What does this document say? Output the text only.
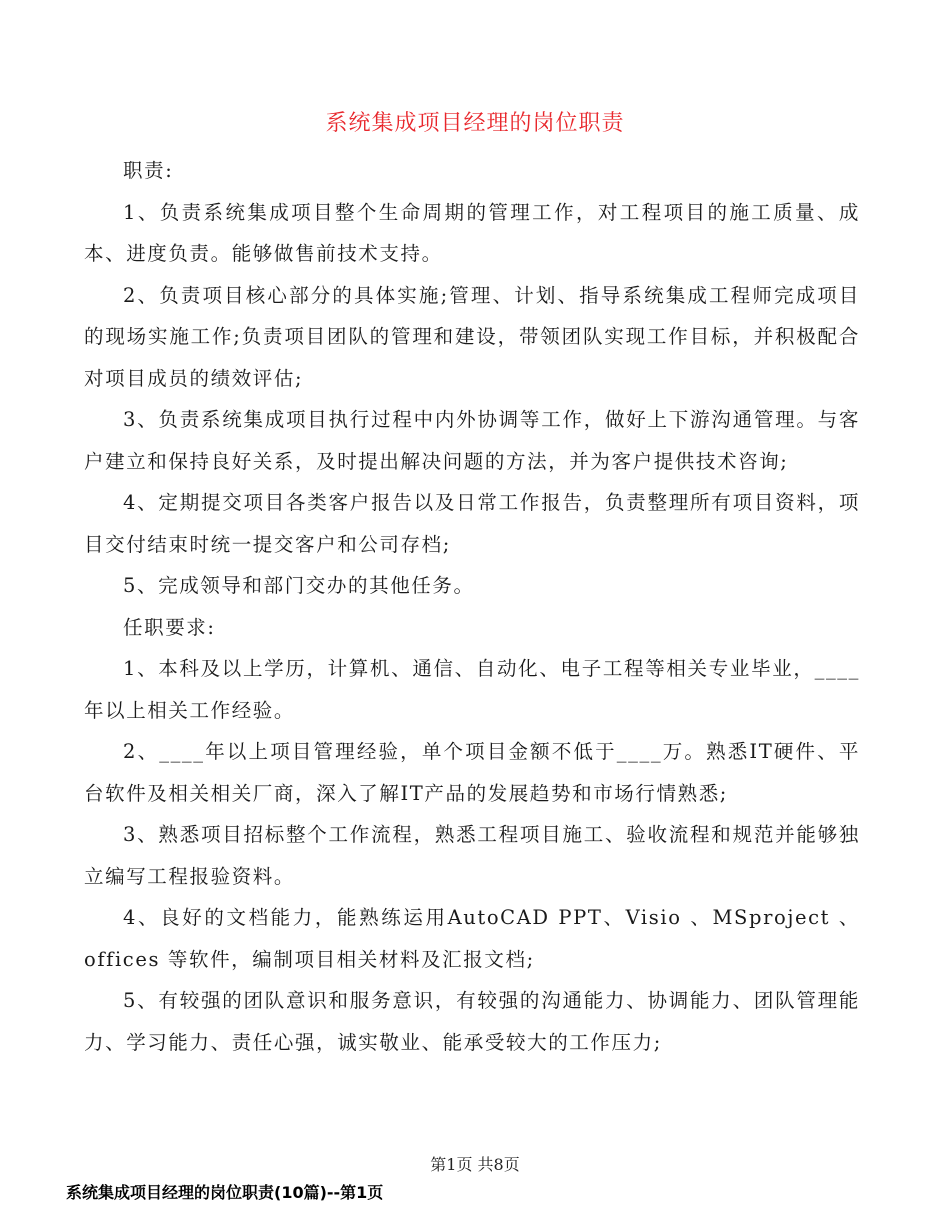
系统集成项目经理的岗位职责

职责:

1、负责系统集成项目整个生命周期的管理工作，对工程项目的施工质量、成本、进度负责。能够做售前技术支持。

2、负责项目核心部分的具体实施;管理、计划、指导系统集成工程师完成项目的现场实施工作;负责项目团队的管理和建设，带领团队实现工作目标，并积极配合对项目成员的绩效评估;

3、负责系统集成项目执行过程中内外协调等工作，做好上下游沟通管理。与客户建立和保持良好关系，及时提出解决问题的方法，并为客户提供技术咨询;

4、定期提交项目各类客户报告以及日常工作报告，负责整理所有项目资料，项目交付结束时统一提交客户和公司存档;

5、完成领导和部门交办的其他任务。

任职要求:

1、本科及以上学历，计算机、通信、自动化、电子工程等相关专业毕业，____年以上相关工作经验。

2、____年以上项目管理经验，单个项目金额不低于____万。熟悉IT硬件、平台软件及相关相关厂商，深入了解IT产品的发展趋势和市场行情熟悉;

3、熟悉项目招标整个工作流程，熟悉工程项目施工、验收流程和规范并能够独立编写工程报验资料。

4、良好的文档能力，能熟练运用AutoCAD PPT、Visio 、MSproject 、 offices 等软件，编制项目相关材料及汇报文档;

5、有较强的团队意识和服务意识，有较强的沟通能力、协调能力、团队管理能力、学习能力、责任心强，诚实敬业、能承受较大的工作压力;

第1页 共8页
系统集成项目经理的岗位职责(10篇)--第1页
